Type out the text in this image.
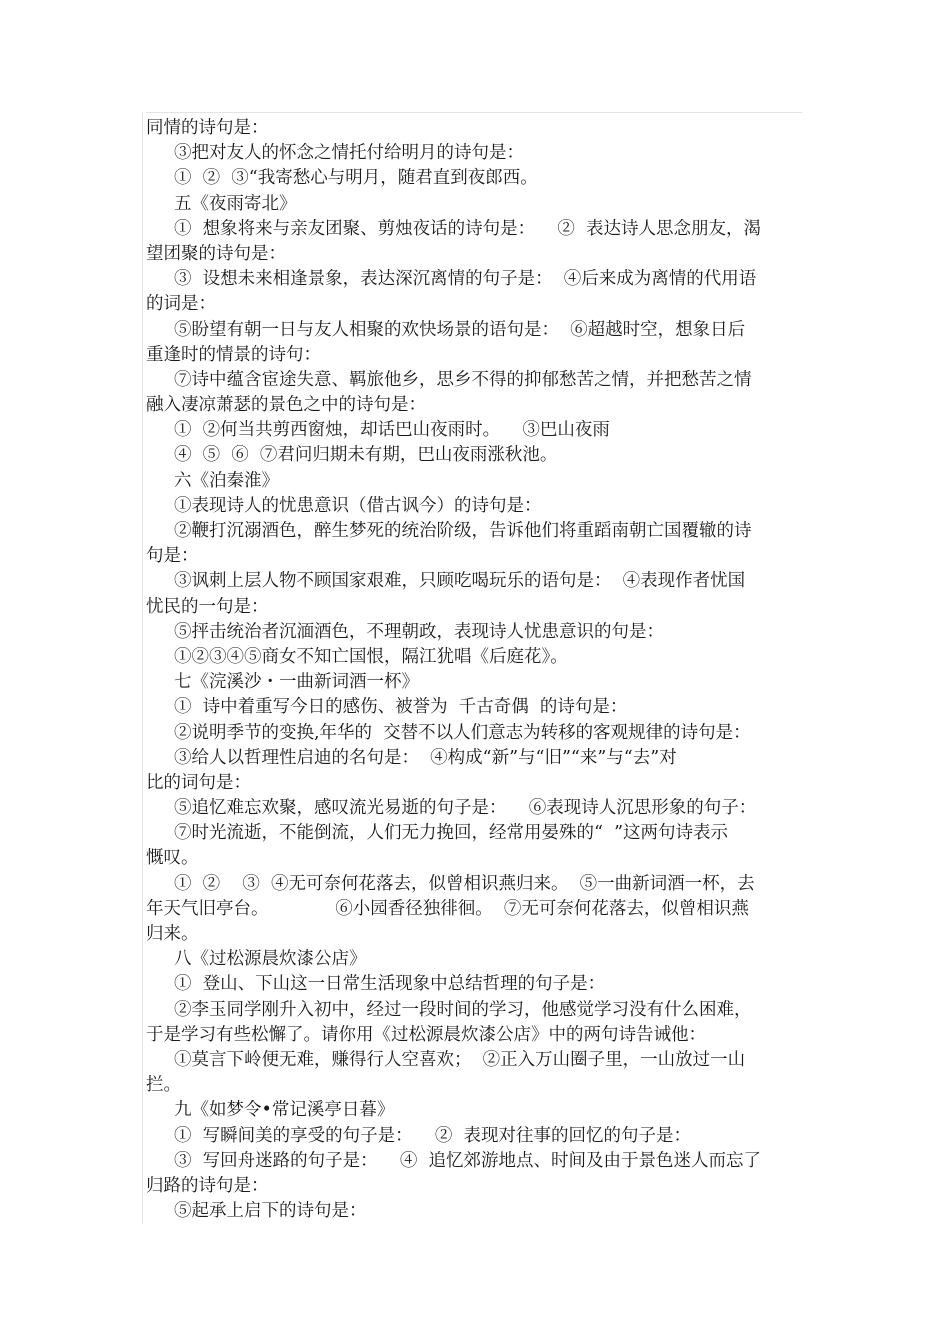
同情的诗句是：
③把对友人的怀念之情托付给明月的诗句是：
①  ②  ③“我寄愁心与明月，随君直到夜郎西。
五《夜雨寄北》
①  想象将来与亲友团聚、剪烛夜话的诗句是：    ②  表达诗人思念朋友，渴
望团聚的诗句是：
③  设想未来相逢景象，表达深沉离情的句子是：  ④后来成为离情的代用语
的词是：
⑤盼望有朝一日与友人相聚的欢快场景的语句是：  ⑥超越时空，想象日后
重逢时的情景的诗句：
⑦诗中蕴含宦途失意、羁旅他乡，思乡不得的抑郁愁苦之情，并把愁苦之情
融入凄凉萧瑟的景色之中的诗句是：
①  ②何当共剪西窗烛，却话巴山夜雨时。    ③巴山夜雨
④  ⑤  ⑥  ⑦君问归期未有期，巴山夜雨涨秋池。
六《泊秦淮》
①表现诗人的忧患意识（借古讽今）的诗句是：
②鞭打沉溺酒色，醉生梦死的统治阶级，告诉他们将重蹈南朝亡国覆辙的诗
句是：
③讽刺上层人物不顾国家艰难，只顾吃喝玩乐的语句是：  ④表现作者忧国
忧民的一句是：
⑤抨击统治者沉湎酒色，不理朝政，表现诗人忧患意识的句是：
①②③④⑤商女不知亡国恨，隔江犹唱《后庭花》。
七《浣溪沙・一曲新词酒一杯》
①  诗中着重写今日的感伤、被誉为  千古奇偶  的诗句是：
②说明季节的变换,年华的  交替不以人们意志为转移的客观规律的诗句是：
③给人以哲理性启迪的名句是：  ④构成“新”与“旧”“来”与“去”对
比的词句是：
⑤追忆难忘欢聚，感叹流光易逝的句子是：    ⑥表现诗人沉思形象的句子：
⑦时光流逝，不能倒流，人们无力挽回，经常用晏殊的“  ”这两句诗表示
慨叹。
①  ②    ③  ④无可奈何花落去，似曾相识燕归来。  ⑤一曲新词酒一杯，去
年天气旧亭台。            ⑥小园香径独徘徊。  ⑦无可奈何花落去，似曾相识燕
归来。
八《过松源晨炊漆公店》
①  登山、下山这一日常生活现象中总结哲理的句子是：
②李玉同学刚升入初中，经过一段时间的学习，他感觉学习没有什么困难，
于是学习有些松懈了。请你用《过松源晨炊漆公店》中的两句诗告诫他：
①莫言下岭便无难，赚得行人空喜欢；  ②正入万山圈子里，一山放过一山
拦。
九《如梦令•常记溪亭日暮》
①  写瞬间美的享受的句子是：    ②  表现对往事的回忆的句子是：
③  写回舟迷路的句子是：    ④  追忆郊游地点、时间及由于景色迷人而忘了
归路的诗句是：
⑤起承上启下的诗句是：
